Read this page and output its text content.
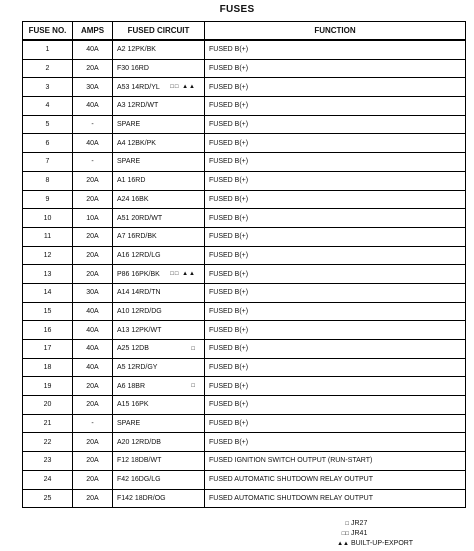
FUSES
FUSE NO.	AMPS	FUSED CIRCUIT	FUNCTION
1	40A	A2 12PK/BK	FUSED B(+)
2	20A	F30 16RD	FUSED B(+)
3	30A	A53 14RD/YL □□ ▲▲	FUSED B(+)
4	40A	A3 12RD/WT	FUSED B(+)
5	-	SPARE	FUSED B(+)
6	40A	A4 12BK/PK	FUSED B(+)
7	-	SPARE	FUSED B(+)
8	20A	A1 16RD	FUSED B(+)
9	20A	A24 16BK	FUSED B(+)
10	10A	A51 20RD/WT	FUSED B(+)
11	20A	A7 16RD/BK	FUSED B(+)
12	20A	A16 12RD/LG	FUSED B(+)
13	20A	P86 16PK/BK □□ ▲▲	FUSED B(+)
14	30A	A14 14RD/TN	FUSED B(+)
15	40A	A10 12RD/DG	FUSED B(+)
16	40A	A13 12PK/WT	FUSED B(+)
17	40A	A25 12DB □	FUSED B(+)
18	40A	A5 12RD/GY	FUSED B(+)
19	20A	A6 18BR □	FUSED B(+)
20	20A	A15 16PK	FUSED B(+)
21	-	SPARE	FUSED B(+)
22	20A	A20 12RD/DB	FUSED B(+)
23	20A	F12 18DB/WT	FUSED IGNITION SWITCH OUTPUT (RUN-START)
24	20A	F42 16DG/LG	FUSED AUTOMATIC SHUTDOWN RELAY OUTPUT
25	20A	F142 18DR/OG	FUSED AUTOMATIC SHUTDOWN RELAY OUTPUT
□ JR27
□□ JR41
▲▲ BUILT-UP-EXPORT
